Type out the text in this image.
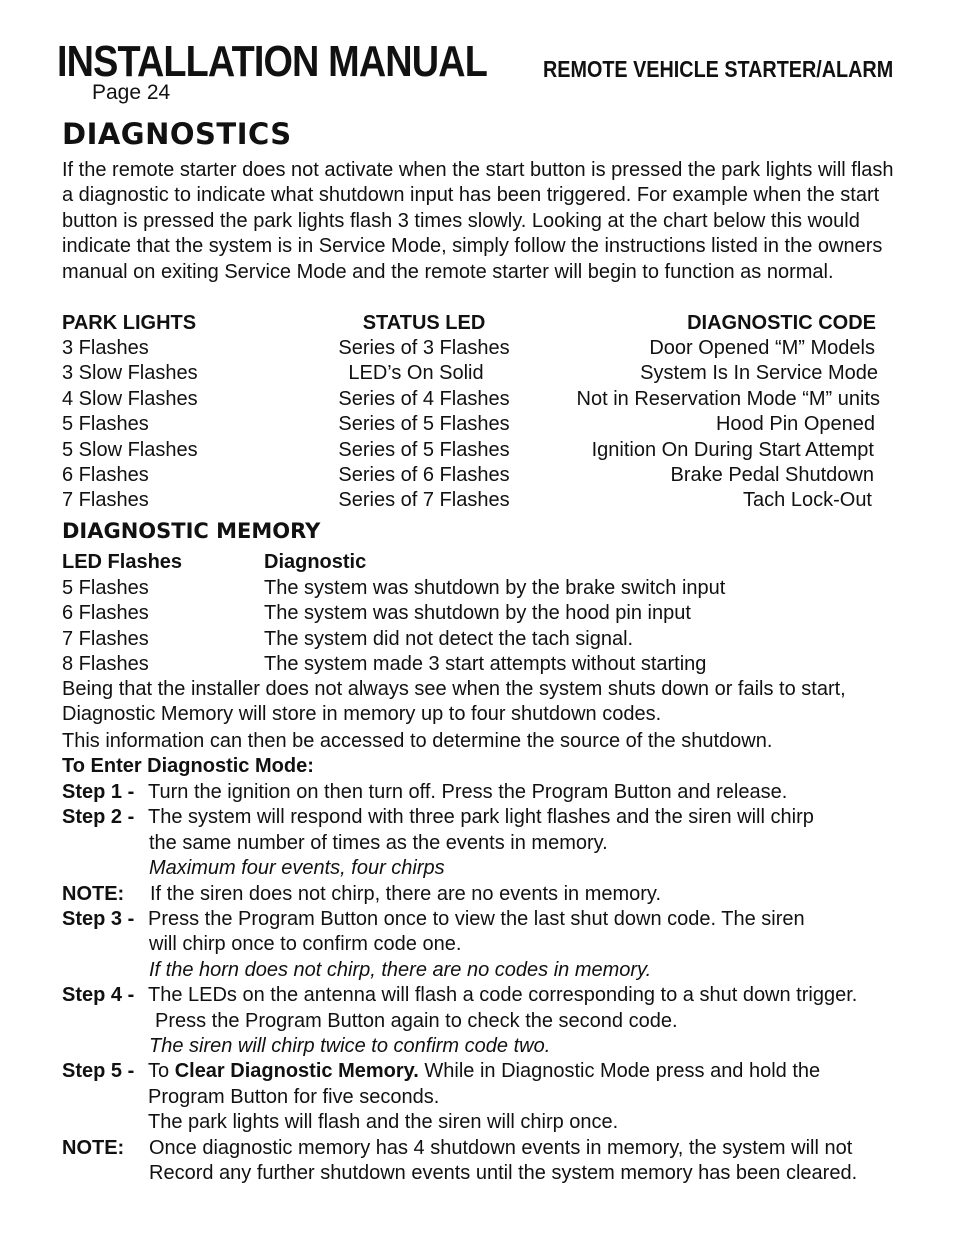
INSTALLATION MANUAL REMOTE VEHICLE STARTER/ALARM
Page 24
DIAGNOSTICS

If the remote starter does not activate when the start button is pressed the park lights will flash a diagnostic to indicate what shutdown input has been triggered. For example when the start button is pressed the park lights flash 3 times slowly. Looking at the chart below this would indicate that the system is in Service Mode, simply follow the instructions listed in the owners manual on exiting Service Mode and the remote starter will begin to function as normal.

PARK LIGHTS	STATUS LED	DIAGNOSTIC CODE
3 Flashes	Series of 3 Flashes	Door Opened “M” Models
3 Slow Flashes	LED’s On Solid	System Is In Service Mode
4 Slow Flashes	Series of 4 Flashes	Not in Reservation Mode “M” units
5 Flashes	Series of 5 Flashes	Hood Pin Opened
5 Slow Flashes	Series of 5 Flashes	Ignition On During Start Attempt
6 Flashes	Series of 6 Flashes	Brake Pedal Shutdown
7 Flashes	Series of 7 Flashes	Tach Lock-Out
DIAGNOSTIC MEMORY
LED Flashes	Diagnostic
5 Flashes	The system was shutdown by the brake switch input
6 Flashes	The system was shutdown by the hood pin input
7 Flashes	The system did not detect the tach signal.
8 Flashes	The system made 3 start attempts without starting

Being that the installer does not always see when the system shuts down or fails to start, Diagnostic Memory will store in memory up to four shutdown codes.

This information can then be accessed to determine the source of the shutdown.
To Enter Diagnostic Mode:
Step 1 - Turn the ignition on then turn off. Press the Program Button and release.
Step 2 - The system will respond with three park light flashes and the siren will chirp
the same number of times as the events in memory.
Maximum four events, four chirps
NOTE: If the siren does not chirp, there are no events in memory.
Step 3 - Press the Program Button once to view the last shut down code. The siren
will chirp once to confirm code one.
If the horn does not chirp, there are no codes in memory.
Step 4 - The LEDs on the antenna will flash a code corresponding to a shut down trigger.
Press the Program Button again to check the second code.
The siren will chirp twice to confirm code two.
Step 5 - To Clear Diagnostic Memory. While in Diagnostic Mode press and hold the
Program Button for five seconds.
The park lights will flash and the siren will chirp once.
NOTE: Once diagnostic memory has 4 shutdown events in memory, the system will not
Record any further shutdown events until the system memory has been cleared.
